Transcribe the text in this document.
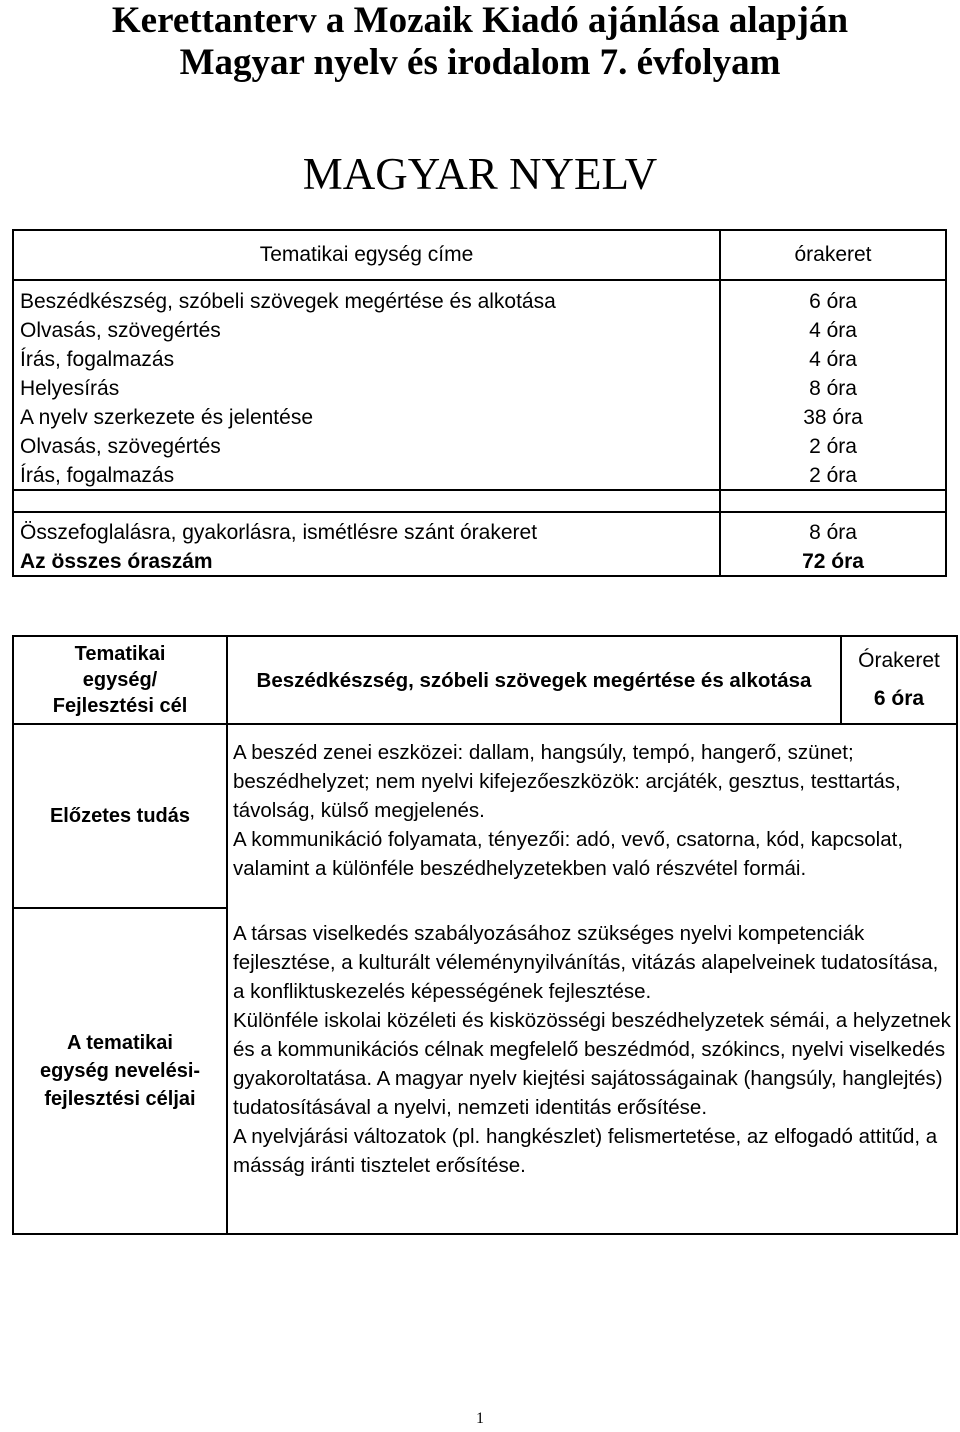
Kerettanterv a Mozaik Kiadó ajánlása alapján
Magyar nyelv és irodalom 7. évfolyam
MAGYAR NYELV
Tematikai egység címe	órakeret
Beszédkészség, szóbeli szövegek megértése és alkotása
Olvasás, szövegértés
Írás, fogalmazás
Helyesírás
A nyelv szerkezete és jelentése
Olvasás, szövegértés
Írás, fogalmazás
6 óra
4 óra
4 óra
8 óra
38 óra
2 óra
2 óra
Összefoglalásra, gyakorlásra, ismétlésre szánt órakeret
Az összes óraszám
8 óra
72 óra
Tematikai
egység/
Fejlesztési cél
Beszédkészség, szóbeli szövegek megértése és alkotása
Órakeret
6 óra
Előzetes tudás

A beszéd zenei eszközei: dallam, hangsúly, tempó, hangerő, szünet; beszédhelyzet; nem nyelvi kifejezőeszközök: arcjáték, gesztus, testtartás, távolság, külső megjelenés.

A kommunikáció folyamata, tényezői: adó, vevő, csatorna, kód, kapcsolat, valamint a különféle beszédhelyzetekben való részvétel formái.

A tematikai egység nevelési-fejlesztési céljai

A társas viselkedés szabályozásához szükséges nyelvi kompetenciák fejlesztése, a kulturált véleménynyilvánítás, vitázás alapelveinek tudatosítása, a konfliktuskezelés képességének fejlesztése.

Különféle iskolai közéleti és kisközösségi beszédhelyzetek sémái, a helyzetnek és a kommunikációs célnak megfelelő beszédmód, szókincs, nyelvi viselkedés gyakoroltatása. A magyar nyelv kiejtési sajátosságainak (hangsúly, hanglejtés) tudatosításával a nyelvi, nemzeti identitás erősítése.

A nyelvjárási változatok (pl. hangkészlet) felismertetése, az elfogadó attitűd, a másság iránti tisztelet erősítése.

1
